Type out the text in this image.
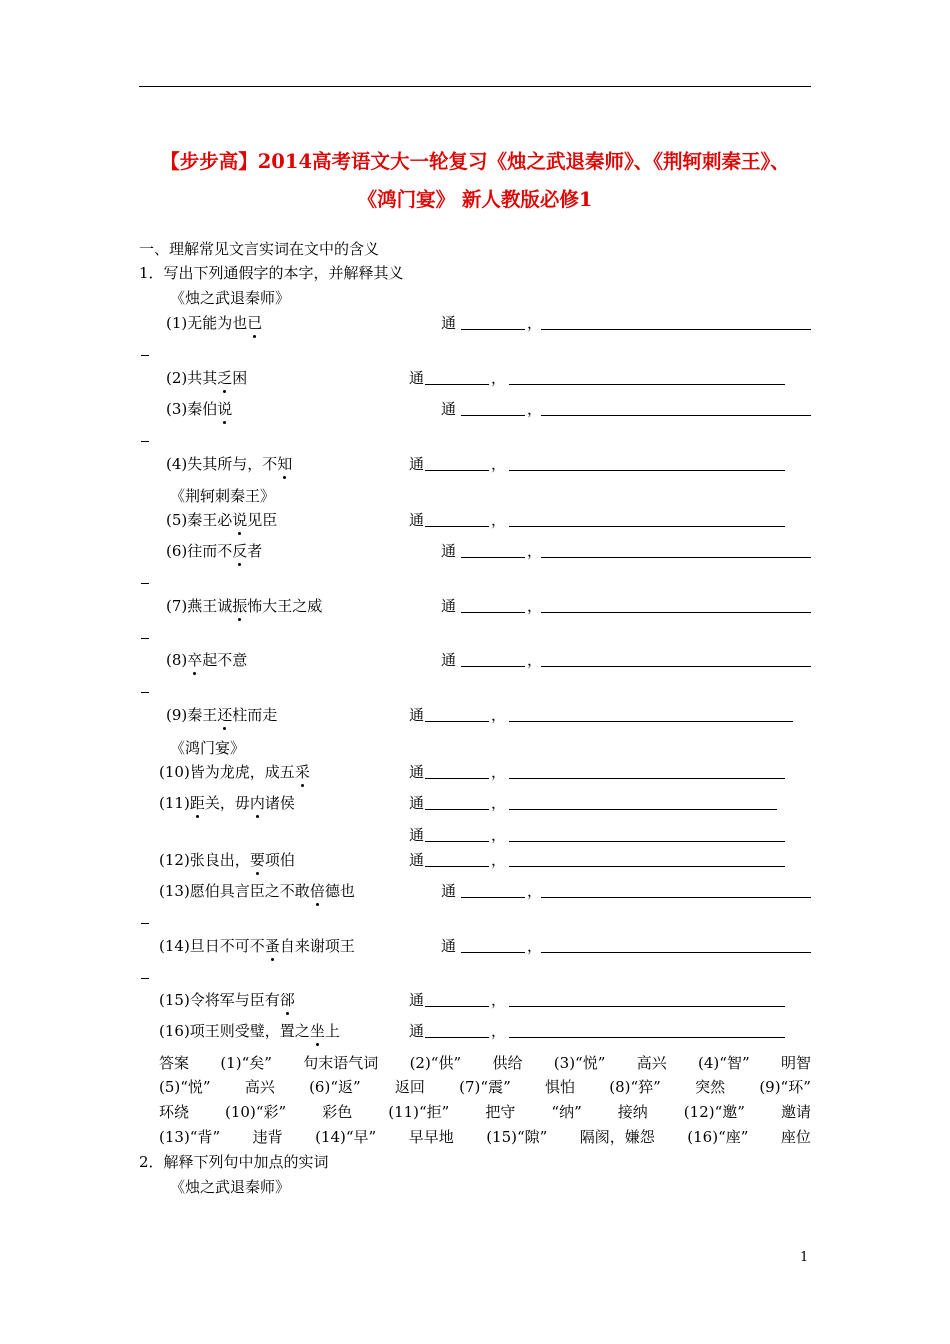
【步步高】2014高考语文大一轮复习《烛之武退秦师》、《荆轲刺秦王》、
《鸿门宴》 新人教版必修1
一、理解常见文言实词在文中的含义
1．写出下列通假字的本字，并解释其义
《烛之武退秦师》
(1)无能为也已	通	，
(2)共其乏困	通	，
(3)秦伯说	通	，
(4)失其所与，不知	通	，
(5)秦王必说见臣	通	，
(6)往而不反者	通	，
(7)燕王诚振怖大王之威	通	，
(8)卒起不意	通	，
(9)秦王还柱而走	通	，
(10)皆为龙虎，成五采	通	，
(11)距关，毋内诸侯	通	，
通	，
(12)张良出，要项伯	通	，
(13)愿伯具言臣之不敢倍德也	通	，
(14)旦日不可不蚤自来谢项王	通	，
(15)令将军与臣有郤	通	，
(16)项王则受璧，置之坐上	通	，
《荆轲刺秦王》
《鸿门宴》
答案 (1)“矣” 句末语气词 (2)“供” 供给 (3)“悦” 高兴 (4)“智” 明智
(5)“悦” 高兴 (6)“返” 返回 (7)“震” 惧怕 (8)“猝” 突然 (9)“环”
环绕 (10)“彩” 彩色 (11)“拒” 把守 “纳” 接纳 (12)“邀” 邀请
(13)“背” 违背 (14)“早” 早早地 (15)“隙” 隔阂，嫌怨 (16)“座” 座位
2．解释下列句中加点的实词
《烛之武退秦师》
1
